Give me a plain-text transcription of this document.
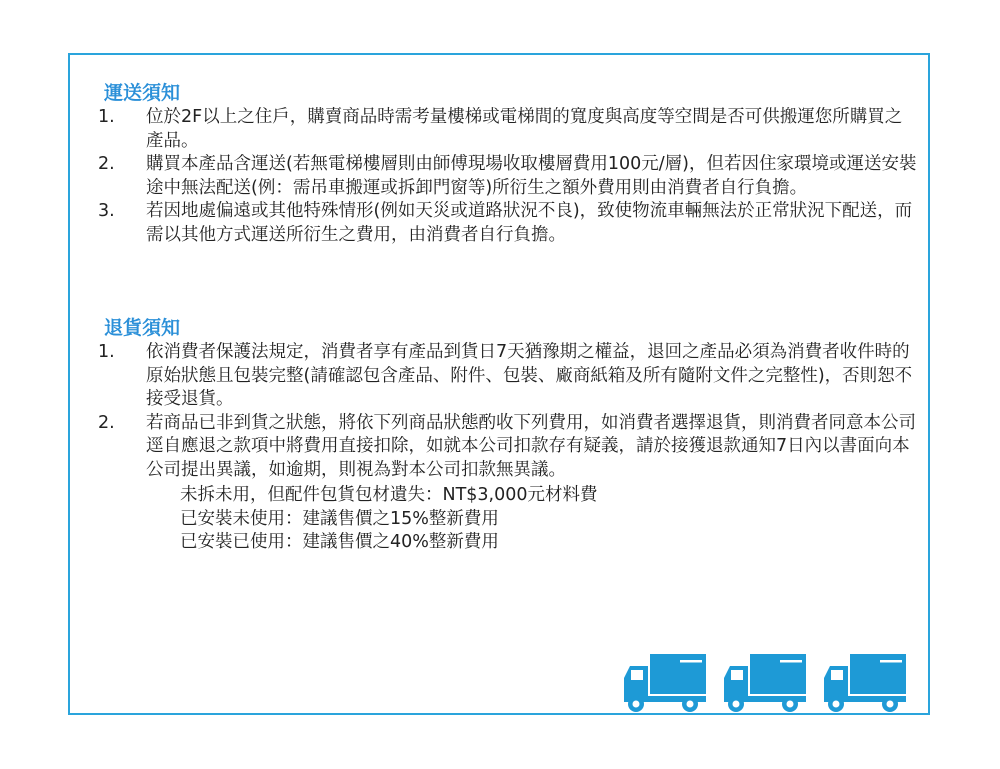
運送須知
1. 位於2F以上之住戶，購賣商品時需考量樓梯或電梯間的寬度與高度等空間是否可供搬運您所購買之產品。
2. 購買本產品含運送(若無電梯樓層則由師傅現場收取樓層費用100元/層)，但若因住家環境或運送安裝途中無法配送(例：需吊車搬運或拆卸門窗等)所衍生之額外費用則由消費者自行負擔。
3. 若因地處偏遠或其他特殊情形(例如天災或道路狀況不良)，致使物流車輛無法於正常狀況下配送，而需以其他方式運送所衍生之費用，由消費者自行負擔。
退貨須知
1. 依消費者保護法規定，消費者享有產品到貨日7天猶豫期之權益，退回之產品必須為消費者收件時的原始狀態且包裝完整(請確認包含產品、附件、包裝、廠商紙箱及所有隨附文件之完整性)，否則恕不接受退貨。
2. 若商品已非到貨之狀態，將依下列商品狀態酌收下列費用，如消費者選擇退貨，則消費者同意本公司逕自應退之款項中將費用直接扣除，如就本公司扣款存有疑義，請於接獲退款通知7日內以書面向本公司提出異議，如逾期，則視為對本公司扣款無異議。
未拆未用，但配件包貨包材遺失：NT$3,000元材料費
已安裝未使用：建議售價之15%整新費用
已安裝已使用：建議售價之40%整新費用
